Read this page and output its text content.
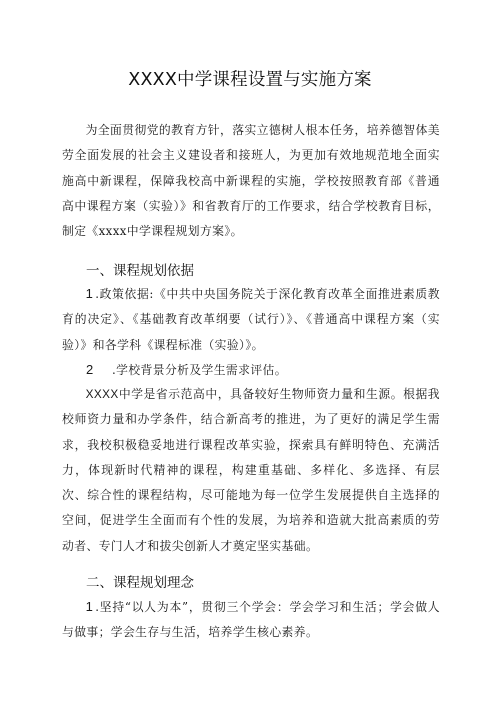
XXXX中学课程设置与实施方案

为全面贯彻党的教育方针，落实立德树人根本任务，培养德智体美劳全面发展的社会主义建设者和接班人，为更加有效地规范地全面实施高中新课程，保障我校高中新课程的实施，学校按照教育部《普通高中课程方案（实验）》和省教育厅的工作要求，结合学校教育目标，制定《xxxx中学课程规划方案》。

一、课程规划依据

1 .政策依据:《中共中央国务院关于深化教育改革全面推进素质教育的决定》、《基础教育改革纲要（试行）》、《普通高中课程方案（实验）》和各学科《课程标准（实验）》。

2 .学校背景分析及学生需求评估。

XXXX中学是省示范高中，具备较好生物师资力量和生源。根据我校师资力量和办学条件，结合新高考的推进，为了更好的满足学生需求，我校积极稳妥地进行课程改革实验，探索具有鲜明特色、充满活力，体现新时代精神的课程，构建重基础、多样化、多选择、有层次、综合性的课程结构，尽可能地为每一位学生发展提供自主选择的空间，促进学生全面而有个性的发展，为培养和造就大批高素质的劳动者、专门人才和拔尖创新人才奠定坚实基础。

二、课程规划理念

1 .坚持“以人为本”，贯彻三个学会：学会学习和生活；学会做人与做事；学会生存与生活，培养学生核心素养。
